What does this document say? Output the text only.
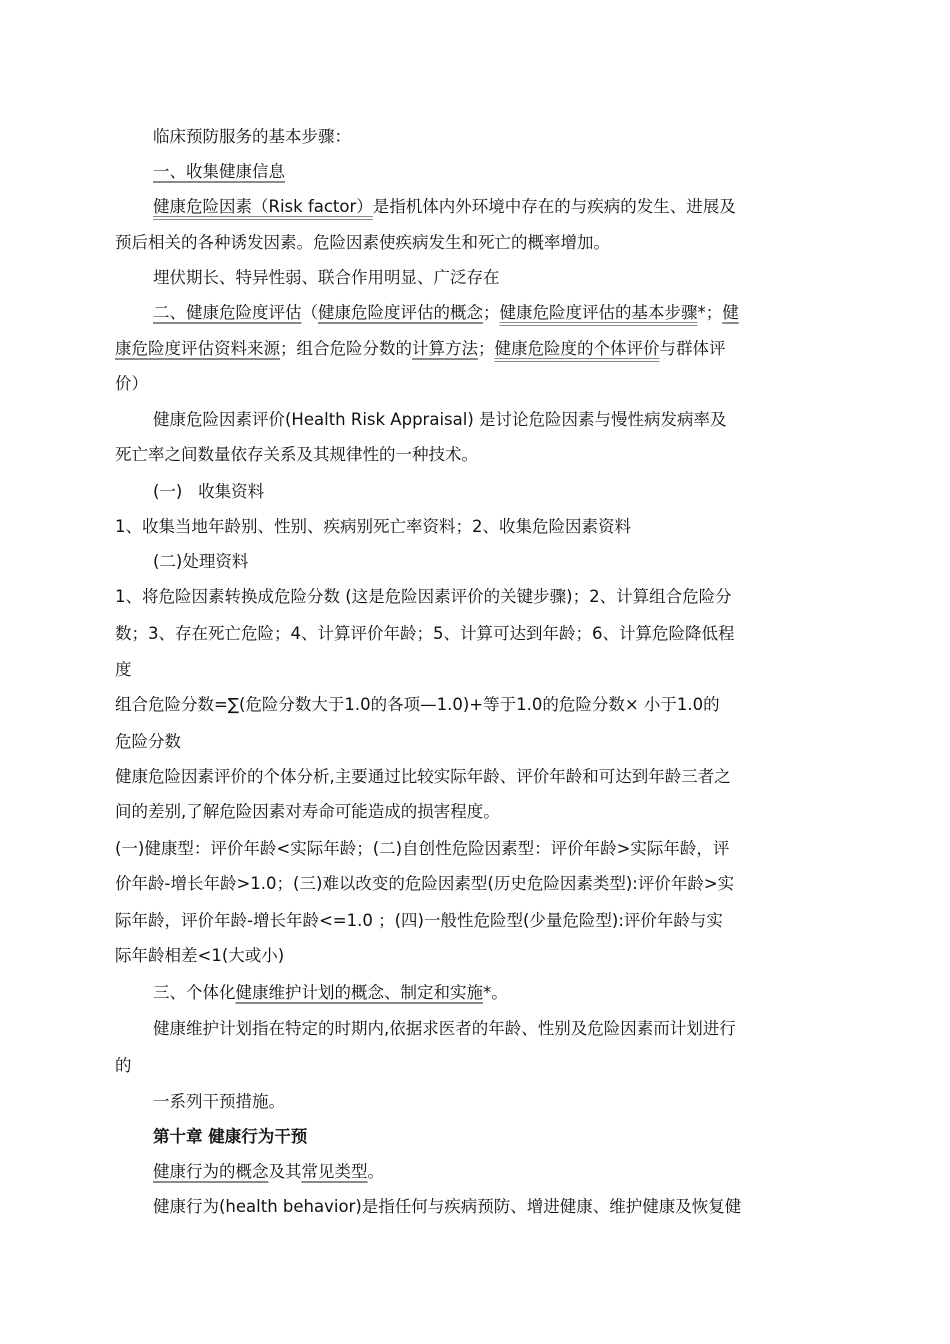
临床预防服务的基本步骤：
一、收集健康信息
健康危险因素（Risk factor）是指机体内外环境中存在的与疾病的发生、进展及
预后相关的各种诱发因素。危险因素使疾病发生和死亡的概率增加。
埋伏期长、特异性弱、联合作用明显、广泛存在
二、健康危险度评估（健康危险度评估的概念；健康危险度评估的基本步骤*；健
康危险度评估资料来源；组合危险分数的计算方法；健康危险度的个体评价与群体评
价）
健康危险因素评价(Health Risk Appraisal) 是讨论危险因素与慢性病发病率及
死亡率之间数量依存关系及其规律性的一种技术。
(一)   收集资料
1、收集当地年龄别、性别、疾病别死亡率资料；2、收集危险因素资料
(二)处理资料
1、将危险因素转换成危险分数 (这是危险因素评价的关键步骤)；2、计算组合危险分
数；3、存在死亡危险；4、计算评价年龄；5、计算可达到年龄；6、计算危险降低程
度
组合危险分数=∑(危险分数大于1.0的各项—1.0)+等于1.0的危险分数× 小于1.0的
危险分数
健康危险因素评价的个体分析,主要通过比较实际年龄、评价年龄和可达到年龄三者之
间的差别,了解危险因素对寿命可能造成的损害程度。
(一)健康型：评价年龄<实际年龄；(二)自创性危险因素型：评价年龄>实际年龄，评
价年龄-增长年龄>1.0；(三)难以改变的危险因素型(历史危险因素类型):评价年龄>实
际年龄，评价年龄-增长年龄<=1.0 ；(四)一般性危险型(少量危险型):评价年龄与实
际年龄相差<1(大或小)
三、个体化健康维护计划的概念、制定和实施*。
健康维护计划指在特定的时期内,依据求医者的年龄、性别及危险因素而计划进行
的
一系列干预措施。
第十章 健康行为干预
健康行为的概念及其常见类型。
健康行为(health behavior)是指任何与疾病预防、增进健康、维护健康及恢复健
